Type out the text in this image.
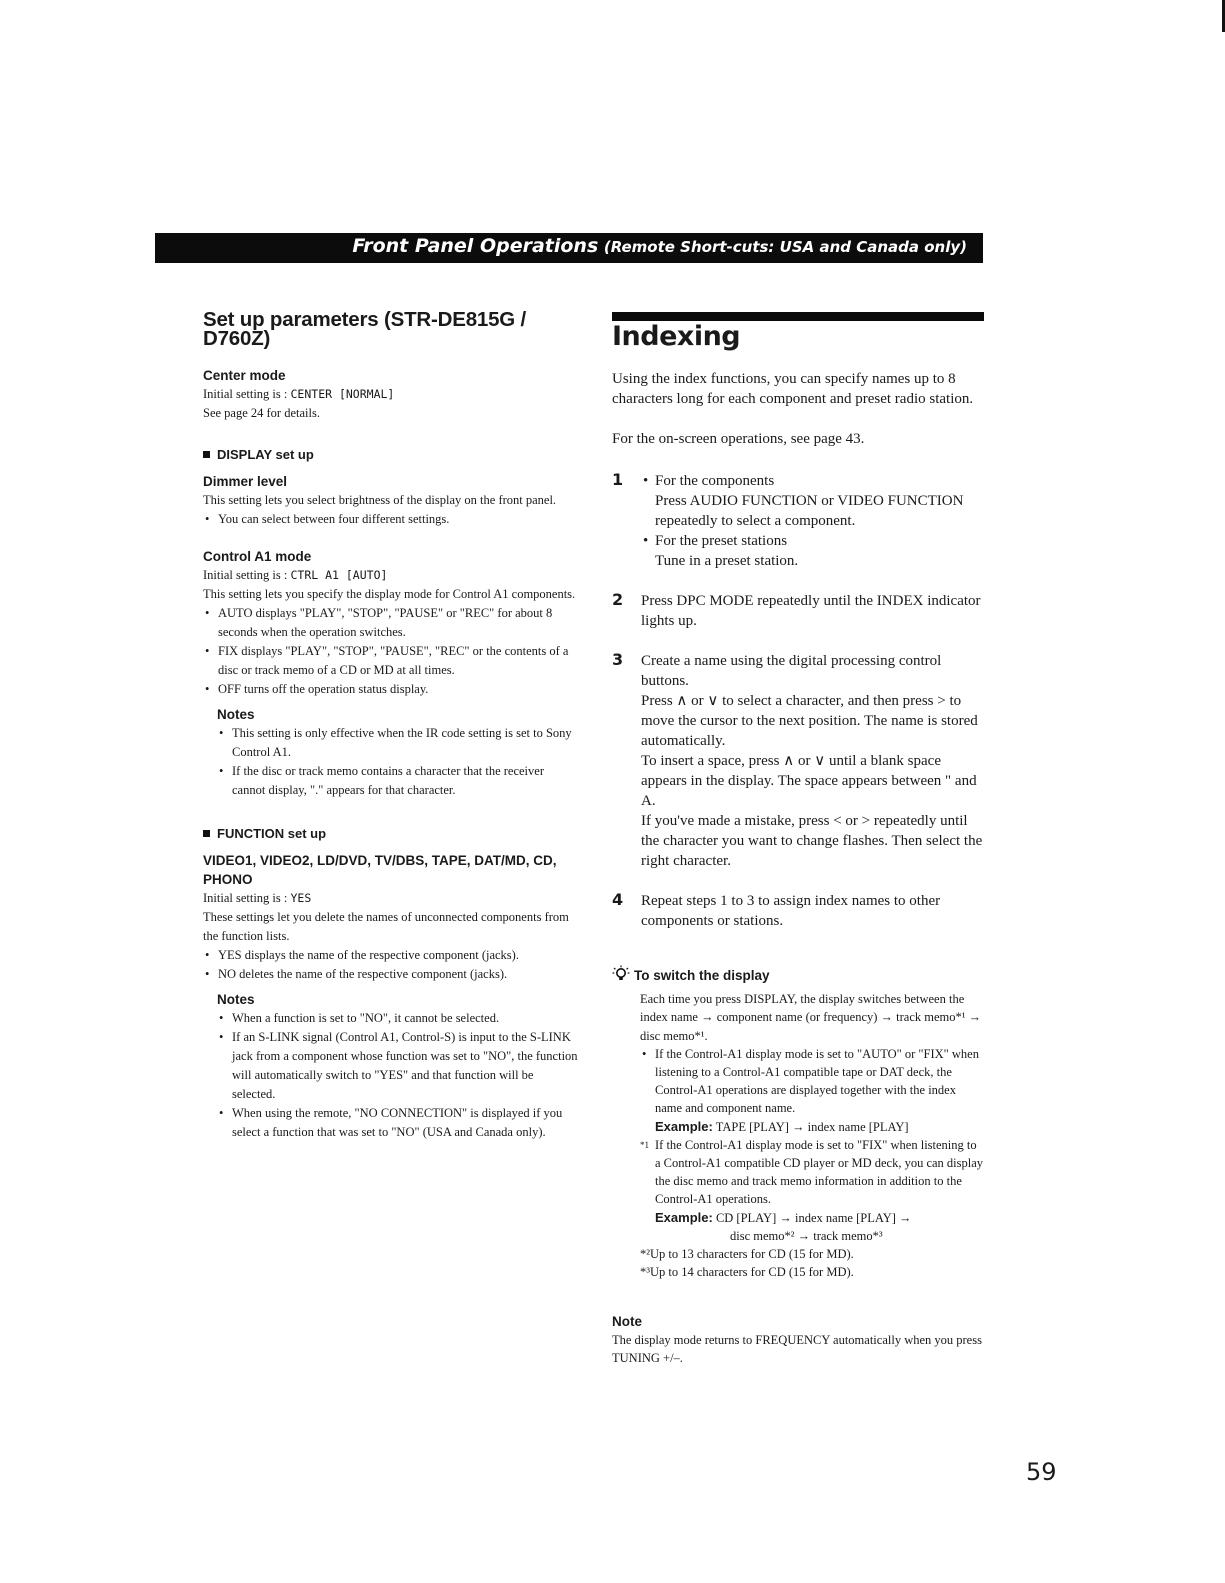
Front Panel Operations (Remote Short-cuts: USA and Canada only)
Set up parameters (STR-DE815G / D760Z)
Center mode

Initial setting is : CENTER [NORMAL]

See page 24 for details.

DISPLAY set up
Dimmer level

This setting lets you select brightness of the display on the front panel.

• You can select between four different settings.
Control A1 mode

Initial setting is : CTRL A1 [AUTO]

This setting lets you specify the display mode for Control A1 components.

• AUTO displays "PLAY", "STOP", "PAUSE" or "REC" for about 8 seconds when the operation switches.
• FIX displays "PLAY", "STOP", "PAUSE", "REC" or the contents of a disc or track memo of a CD or MD at all times.
• OFF turns off the operation status display.
Notes
• This setting is only effective when the IR code setting is set to Sony Control A1.
• If the disc or track memo contains a character that the receiver cannot display, "." appears for that character.
FUNCTION set up
VIDEO1, VIDEO2, LD/DVD, TV/DBS, TAPE, DAT/MD, CD, PHONO

Initial setting is : YES

These settings let you delete the names of unconnected components from the function lists.

• YES displays the name of the respective component (jacks).
• NO deletes the name of the respective component (jacks).
Notes
• When a function is set to "NO", it cannot be selected.
• If an S-LINK signal (Control A1, Control-S) is input to the S-LINK jack from a component whose function was set to "NO", the function will automatically switch to "YES" and that function will be selected.
• When using the remote, "NO CONNECTION" is displayed if you select a function that was set to "NO" (USA and Canada only).
Indexing

Using the index functions, you can specify names up to 8 characters long for each component and preset radio station.

For the on-screen operations, see page 43.

1
•	For the components
Press AUDIO FUNCTION or VIDEO FUNCTION repeatedly to select a component.
• For the preset stations
Tune in a preset station.
2 Press DPC MODE repeatedly until the INDEX indicator lights up.
3 Create a name using the digital processing control buttons.
Press ∧ or ∨ to select a character, and then press > to move the cursor to the next position. The name is stored automatically.
To insert a space, press ∧ or ∨ until a blank space appears in the display. The space appears between " and A.
If you've made a mistake, press < or > repeatedly until the character you want to change flashes. Then select the right character.
4 Repeat steps 1 to 3 to assign index names to other components or stations.
To switch the display

Each time you press DISPLAY, the display switches between the index name → component name (or frequency) → track memo*¹ → disc memo*¹.

• If the Control-A1 display mode is set to "AUTO" or "FIX" when listening to a Control-A1 compatible tape or DAT deck, the Control-A1 operations are displayed together with the index name and component name.

Example: TAPE [PLAY] → index name [PLAY]

*1 If the Control-A1 display mode is set to "FIX" when listening to a Control-A1 compatible CD player or MD deck, you can display the disc memo and track memo information in addition to the Control-A1 operations.

Example: CD [PLAY] → index name [PLAY] →

disc memo*² → track memo*³

*²Up to 13 characters for CD (15 for MD).

*³Up to 14 characters for CD (15 for MD).

Note

The display mode returns to FREQUENCY automatically when you press TUNING +/–.

59
